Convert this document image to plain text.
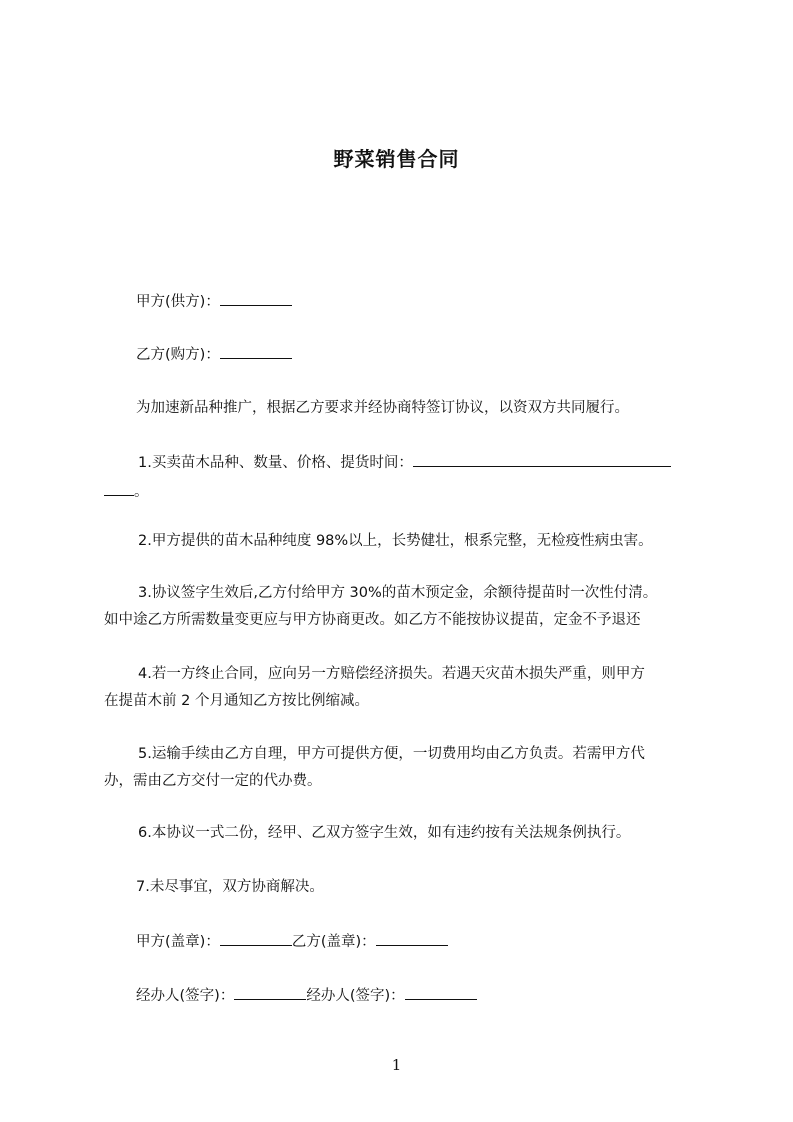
野菜销售合同
甲方(供方)：
乙方(购方)：
为加速新品种推广，根据乙方要求并经协商特签订协议，以资双方共同履行。
1.买卖苗木品种、数量、价格、提货时间：
。
2.甲方提供的苗木品种纯度 98%以上，长势健壮，根系完整，无检疫性病虫害。
3.协议签字生效后,乙方付给甲方 30%的苗木预定金，余额待提苗时一次性付清。
如中途乙方所需数量变更应与甲方协商更改。如乙方不能按协议提苗，定金不予退还
4.若一方终止合同，应向另一方赔偿经济损失。若遇天灾苗木损失严重，则甲方
在提苗木前 2 个月通知乙方按比例缩减。
5.运输手续由乙方自理，甲方可提供方便，一切费用均由乙方负责。若需甲方代
办，需由乙方交付一定的代办费。
6.本协议一式二份，经甲、乙双方签字生效，如有违约按有关法规条例执行。
7.未尽事宜，双方协商解决。
甲方(盖章)：	乙方(盖章)：
经办人(签字)：	经办人(签字)：
1
